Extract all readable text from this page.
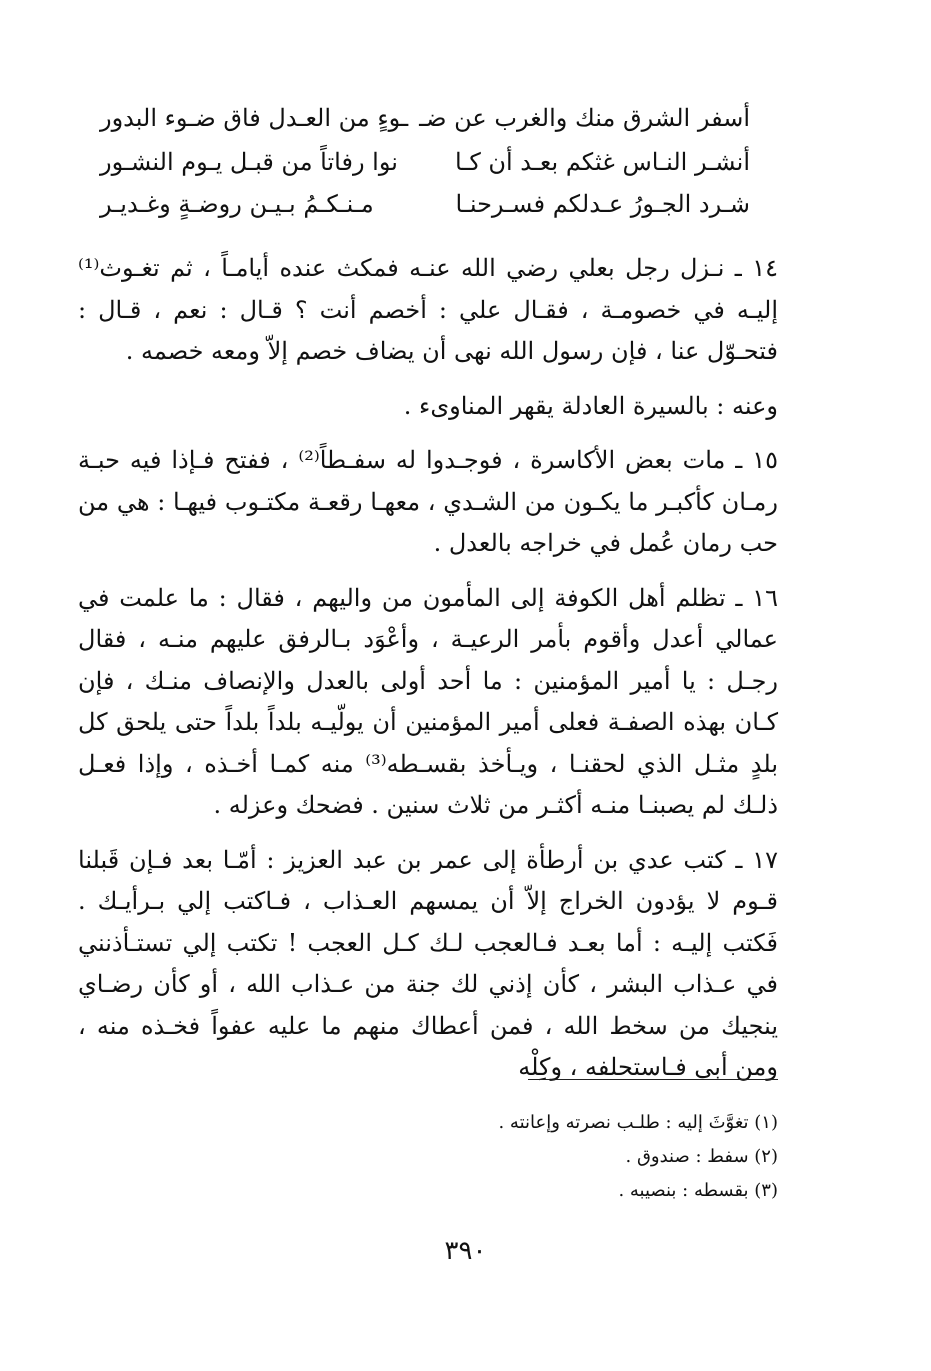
أسفر الشرق منك والغرب عن ضـ
ـوءٍ من العـدل فاق ضـوء البدور
أنشـر النـاس غثكم بعـد أن كـا
نوا رفاتاً من قبـل يـوم النشـور
شـرد الجـورُ عـدلكم فسـرحنـا
مـنـكـمُ بـيـن روضـةٍ وغـديـر

١٤ ـ نـزل رجل بعلي رضي الله عنـه فمكث عنده أيامـاً ، ثم تغـوث⁽¹⁾ إليـه في خصومـة ، فقـال علي : أخصم أنت ؟ قـال : نعم ، قـال : فتحـوّل عنا ، فإن رسول الله نهى أن يضاف خصم إلاّ ومعه خصمه .

وعنه : بالسيرة العادلة يقهر المناوىء .

١٥ ـ مات بعض الأكاسرة ، فوجـدوا له سفـطاً⁽²⁾ ، ففتح فـإذا فيه حبـة رمـان كأكبـر ما يكـون من الشـدي ، معهـا رقعـة مكتـوب فيهـا : هي من حب رمان عُمل في خراجه بالعدل .

١٦ ـ تظلم أهل الكوفة إلى المأمون من واليهم ، فقال : ما علمت في عمالي أعدل وأقوم بأمر الرعيـة ، وأعْوَد بـالرفق عليهم منـه ، فقال رجـل : يا أمير المؤمنين : ما أحد أولى بالعدل والإنصاف منـك ، فإن كـان بهذه الصفـة فعلى أمير المؤمنين أن يولّيـه بلداً بلداً حتى يلحق كل بلدٍ مثـل الذي لحقنـا ، ويـأخذ بقسـطه⁽³⁾ منه كمـا أخـذه ، وإذا فعـل ذلـك لم يصبنـا منـه أكثـر من ثلاث سنين . فضحك وعزله .

١٧ ـ كتب عدي بن أرطأة إلى عمر بن عبد العزيز : أمّـا بعد فـإن قَبلنا قـوم لا يؤدون الخراج إلاّ أن يمسهم العـذاب ، فـاكتب إلي بـرأيـك . فَكتب إليـه : أما بعـد فـالعجب لـك كـل العجب ! تكتب إلي تستـأذنني في عـذاب البشر ، كأن إذني لك جنة من عـذاب الله ، أو كأن رضـاي ينجيك من سخط الله ، فمن أعطاك منهم ما عليه عفواً فخـذه منه ، ومن أبى فـاستحلفه ، وكِلْه

(١) تغوَّثَ إليه : طلـب نصرته وإعانته .
(٢) سفط : صندوق .
(٣) بقسطه : بنصيبه .
٣٩٠
